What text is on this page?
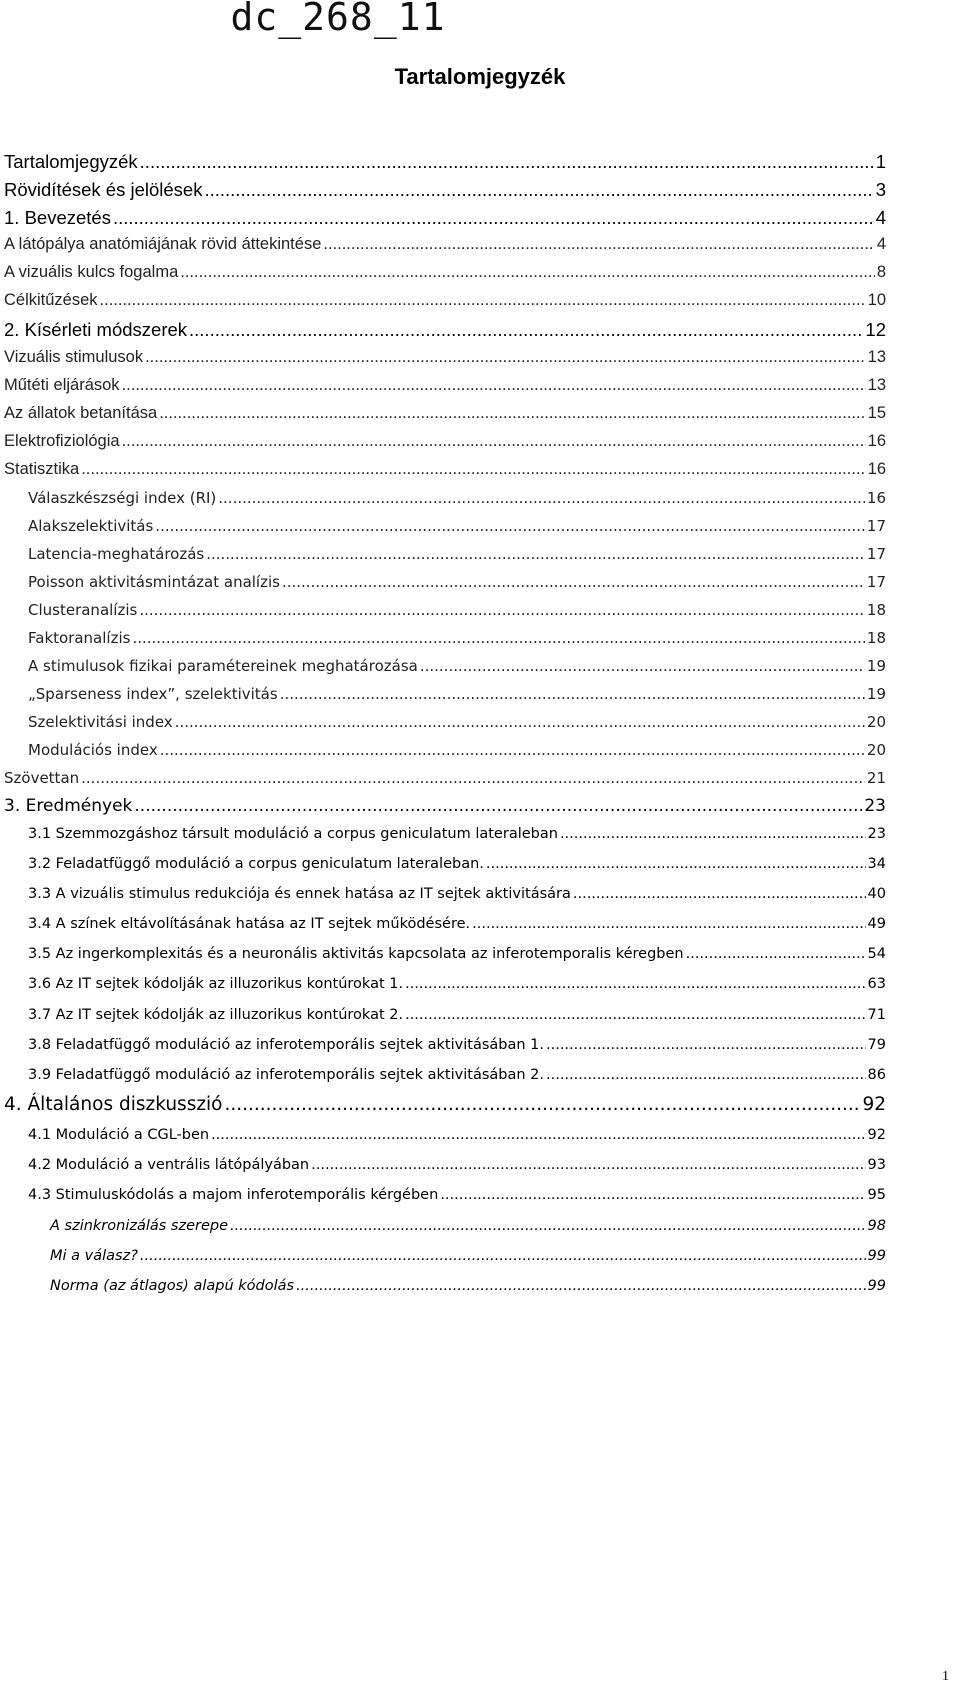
dc_268_11
Tartalomjegyzék
Tartalomjegyzék .....	1
Rövidítések és jelölések .....	3
1. Bevezetés .....	4
A látópálya anatómiájának rövid áttekintése .....	4
A vizuális kulcs fogalma .....	8
Célkitűzések .....	10
2. Kísérleti módszerek .....	12
Vizuális stimulusok .....	13
Műtéti eljárások .....	13
Az állatok betanítása .....	15
Elektrofiziológia .....	16
Statisztika .....	16
Válaszkészségi index (RI) .....	16
Alakszelektivitás .....	17
Latencia-meghatározás .....	17
Poisson aktivitásmintázat analízis .....	17
Clusteranalízis .....	18
Faktoranalízis .....	18
A stimulusok fizikai paramétereinek meghatározása .....	19
„Sparseness index”, szelektivitás .....	19
Szelektivitási index .....	20
Modulációs index .....	20
Szövettan .....	21
3. Eredmények .....	23
3.1 Szemmozgáshoz társult moduláció a corpus geniculatum lateraleban .....	23
3.2 Feladatfüggő moduláció a corpus geniculatum lateraleban. .....	34
3.3 A vizuális stimulus redukciója és ennek hatása az IT sejtek aktivitására .....	40
3.4 A színek eltávolításának hatása az IT sejtek működésére. .....	49
3.5 Az ingerkomplexitás és a neuronális aktivitás kapcsolata az inferotemporalis kéregben .....	54
3.6 Az IT sejtek kódolják az illuzorikus kontúrokat 1. .....	63
3.7 Az IT sejtek kódolják az illuzorikus kontúrokat 2. .....	71
3.8 Feladatfüggő moduláció az inferotemporális sejtek aktivitásában 1. .....	79
3.9 Feladatfüggő moduláció az inferotemporális sejtek aktivitásában 2. .....	86
4. Általános diszkusszió .....	92
4.1 Moduláció a CGL-ben .....	92
4.2 Moduláció a ventrális látópályában .....	93
4.3 Stimuluskódolás a majom inferotemporális kérgében .....	95
A szinkronizálás szerepe .....	98
Mi a válasz? .....	99
Norma (az átlagos) alapú kódolás .....	99
1
